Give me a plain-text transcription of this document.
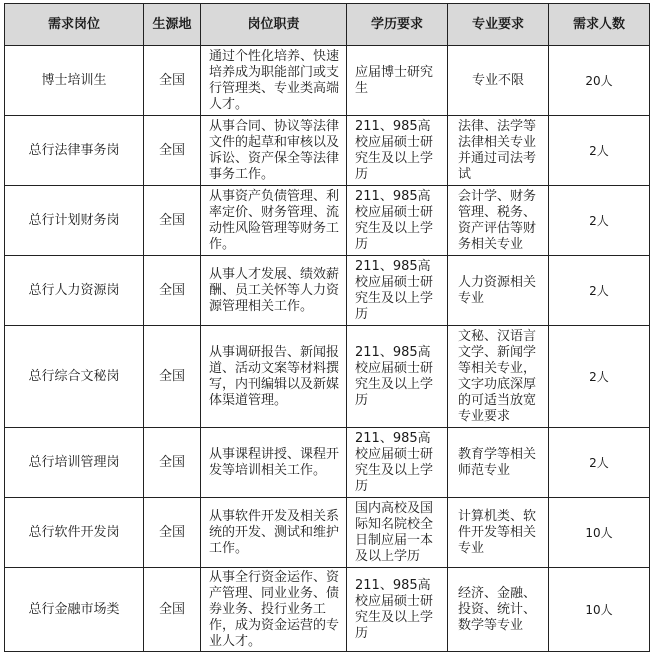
需求岗位	生源地	岗位职责	学历要求	专业要求	需求人数
博士培训生	全国	通过个性化培养、快速培养成为职能部门或支行管理类、专业类高端人才。	应届博士研究生	专业不限	20人
总行法律事务岗	全国	从事合同、协议等法律文件的起草和审核以及诉讼、资产保全等法律事务工作。	211、985高校应届硕士研究生及以上学历	法律、法学等法律相关专业并通过司法考试	2人
总行计划财务岗	全国	从事资产负债管理、利率定价、财务管理、流动性风险管理等财务工作。	211、985高校应届硕士研究生及以上学历	会计学、财务管理、税务、资产评估等财务相关专业	2人
总行人力资源岗	全国	从事人才发展、绩效薪酬、员工关怀等人力资源管理相关工作。	211、985高校应届硕士研究生及以上学历	人力资源相关专业	2人
总行综合文秘岗	全国	从事调研报告、新闻报道、活动文案等材料撰写，内刊编辑以及新媒体渠道管理。	211、985高校应届硕士研究生及以上学历	文秘、汉语言文学、新闻学等相关专业，文字功底深厚的可适当放宽专业要求	2人
总行培训管理岗	全国	从事课程讲授、课程开发等培训相关工作。	211、985高校应届硕士研究生及以上学历	教育学等相关师范专业	2人
总行软件开发岗	全国	从事软件开发及相关系统的开发、测试和维护工作。	国内高校及国际知名院校全日制应届一本及以上学历	计算机类、软件开发等相关专业	10人
总行金融市场类	全国	从事全行资金运作、资产管理、同业业务、债券业务、投行业务工作，成为资金运营的专业人才。	211、985高校应届硕士研究生及以上学历	经济、金融、投资、统计、数学等专业	10人
